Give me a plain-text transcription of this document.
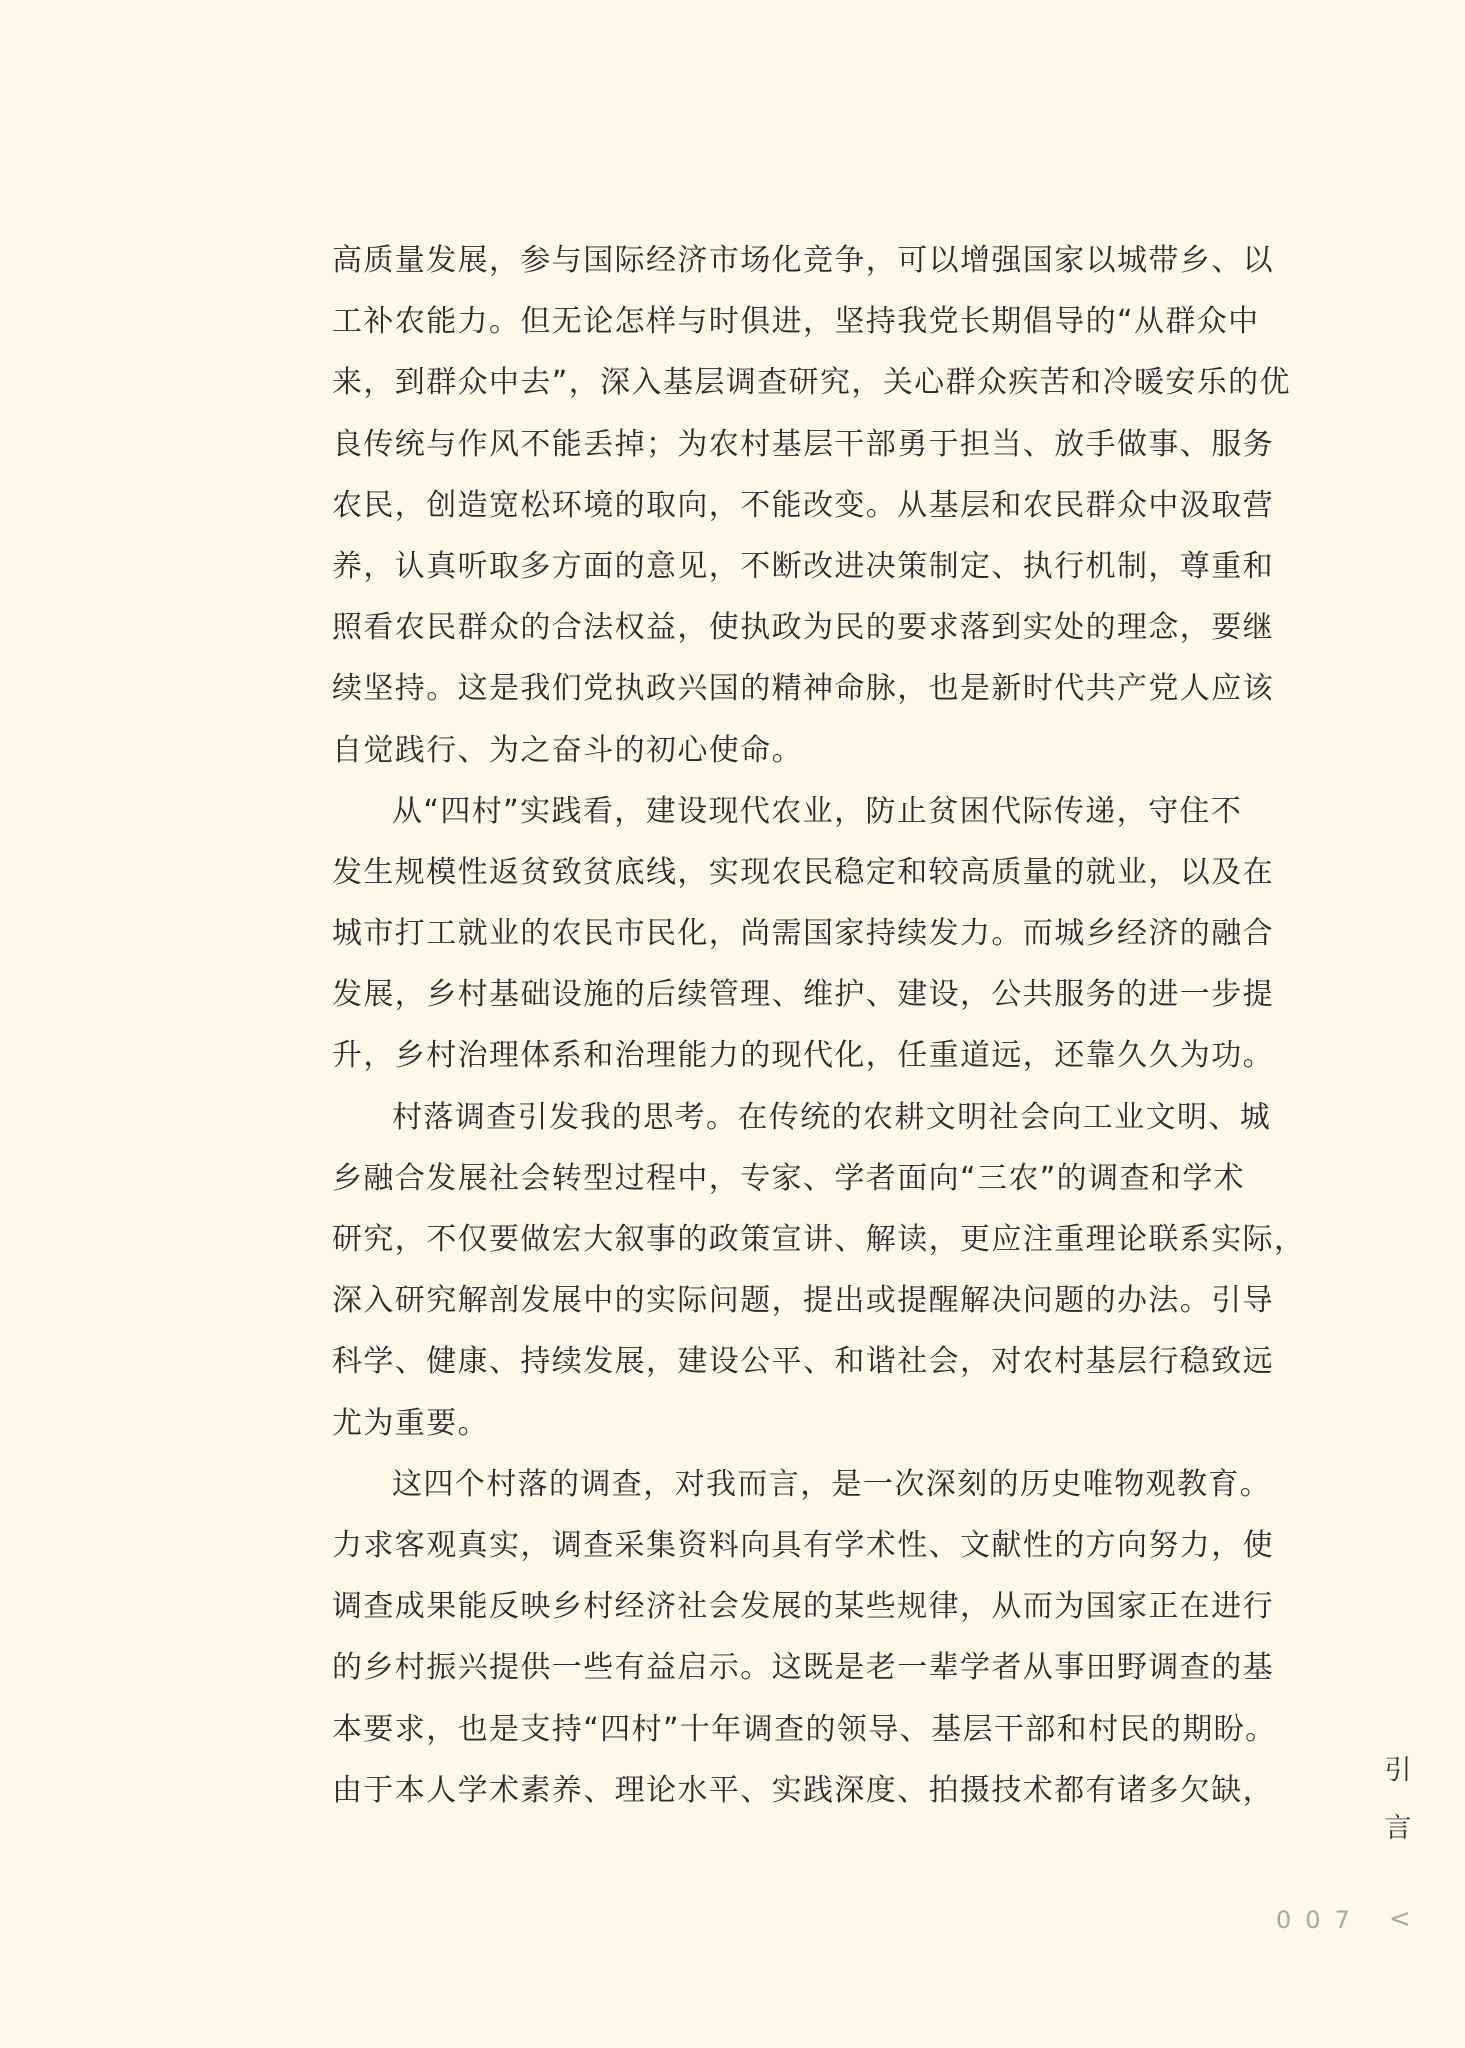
高质量发展，参与国际经济市场化竞争，可以增强国家以城带乡、以
工补农能力。但无论怎样与时俱进，坚持我党长期倡导的“从群众中
来，到群众中去”，深入基层调查研究，关心群众疾苦和冷暖安乐的优
良传统与作风不能丢掉；为农村基层干部勇于担当、放手做事、服务
农民，创造宽松环境的取向，不能改变。从基层和农民群众中汲取营
养，认真听取多方面的意见，不断改进决策制定、执行机制，尊重和
照看农民群众的合法权益，使执政为民的要求落到实处的理念，要继
续坚持。这是我们党执政兴国的精神命脉，也是新时代共产党人应该
自觉践行、为之奋斗的初心使命。
从“四村”实践看，建设现代农业，防止贫困代际传递，守住不
发生规模性返贫致贫底线，实现农民稳定和较高质量的就业，以及在
城市打工就业的农民市民化，尚需国家持续发力。而城乡经济的融合
发展，乡村基础设施的后续管理、维护、建设，公共服务的进一步提
升，乡村治理体系和治理能力的现代化，任重道远，还靠久久为功。
村落调查引发我的思考。在传统的农耕文明社会向工业文明、城
乡融合发展社会转型过程中，专家、学者面向“三农”的调查和学术
研究，不仅要做宏大叙事的政策宣讲、解读，更应注重理论联系实际，
深入研究解剖发展中的实际问题，提出或提醒解决问题的办法。引导
科学、健康、持续发展，建设公平、和谐社会，对农村基层行稳致远
尤为重要。
这四个村落的调查，对我而言，是一次深刻的历史唯物观教育。
力求客观真实，调查采集资料向具有学术性、文献性的方向努力，使
调查成果能反映乡村经济社会发展的某些规律，从而为国家正在进行
的乡村振兴提供一些有益启示。这既是老一辈学者从事田野调查的基
本要求，也是支持“四村”十年调查的领导、基层干部和村民的期盼。
由于本人学术素养、理论水平、实践深度、拍摄技术都有诸多欠缺，
引
言
007 <
